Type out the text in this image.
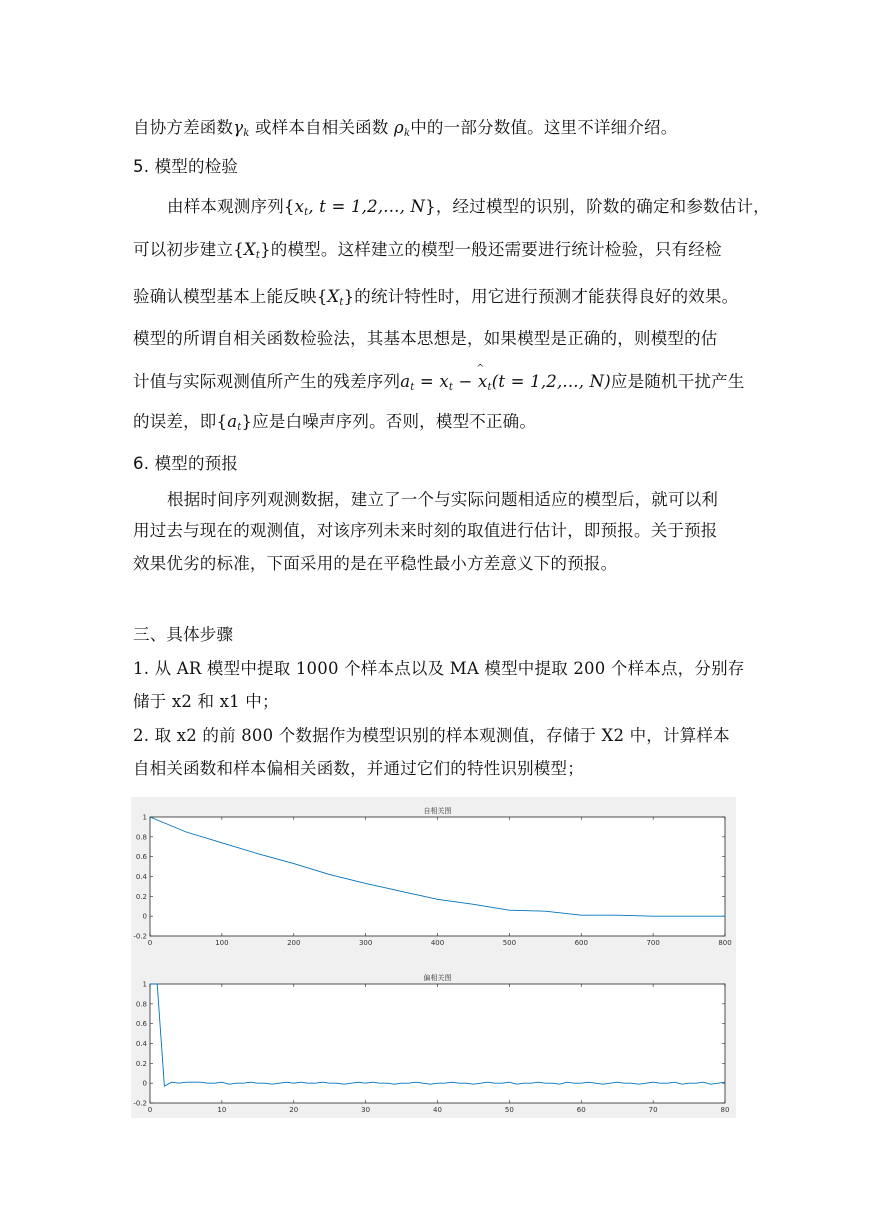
自协方差函数$\gamma_k$ 或样本自相关函数 $\rho_k$中的一部分数值。这里不详细介绍。
5. 模型的检验
由样本观测序列{$x_t$, t = 1,2,..., N}，经过模型的识别，阶数的确定和参数估计，
可以初步建立$\{X_t\}$的模型。这样建立的模型一般还需要进行统计检验，只有经检
验确认模型基本上能反映$\{X_t\}$的统计特性时，用它进行预测才能获得良好的效果。
模型的所谓自相关函数检验法，其基本思想是，如果模型是正确的，则模型的估
计值与实际观测值所产生的残差序列$a_t = x_t - x$
^
$_t$(t = 1,2,..., N)应是随机干扰产生
的误差，即$\{a_t\}$应是白噪声序列。否则，模型不正确。
6. 模型的预报
根据时间序列观测数据，建立了一个与实际问题相适应的模型后，就可以利
用过去与现在的观测值，对该序列未来时刻的取值进行估计，即预报。关于预报
效果优劣的标准，下面采用的是在平稳性最小方差意义下的预报。
三、具体步骤
1. 从 AR 模型中提取 1000 个样本点以及 MA 模型中提取 200 个样本点，分别存
储于 x2 和 x1 中；
2. 取 x2 的前 800 个数据作为模型识别的样本观测值，存储于 X2 中，计算样本
自相关函数和样本偏相关函数，并通过它们的特性识别模型；
自相关图
0	100	200	300	400	500	600	700	800
-0.2
0
0.2
0.4
0.6
0.8
1
偏相关图
0	10	20	30	40	50	60	70	80
-0.2
0
0.2
0.4
0.6
0.8
1
